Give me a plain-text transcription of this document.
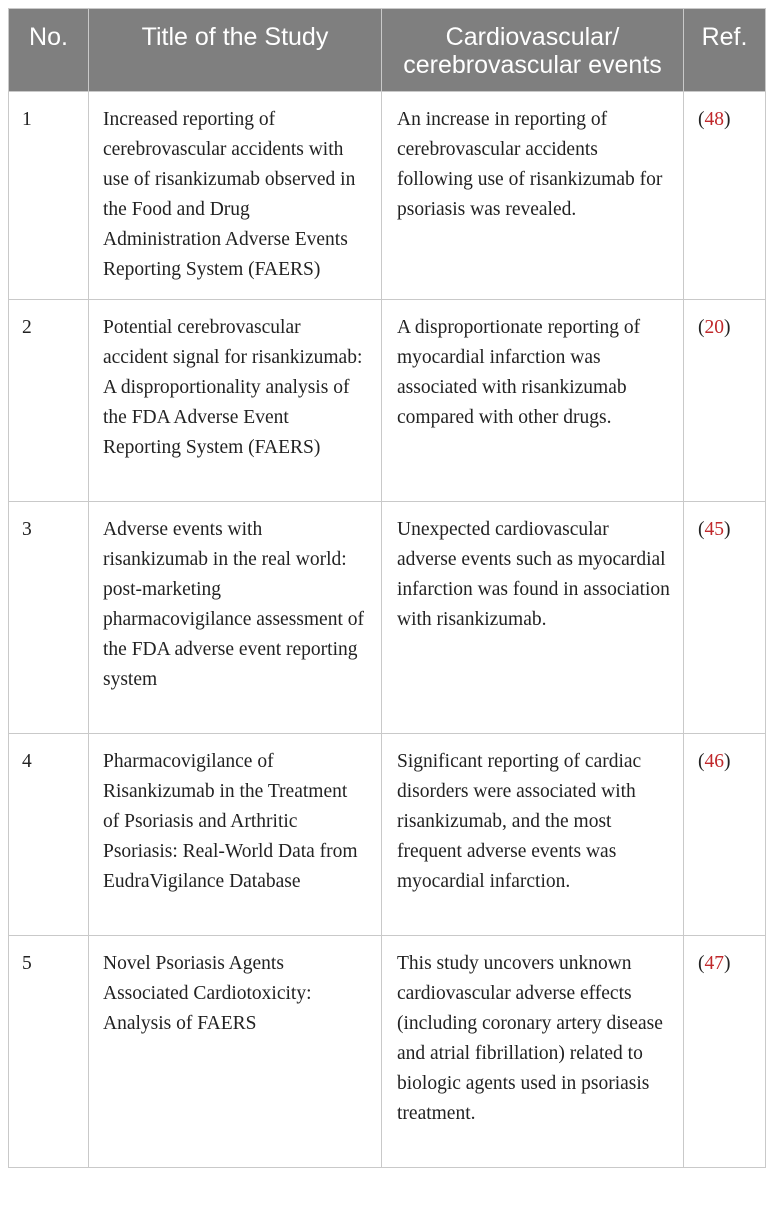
No.	Title of the Study	Cardiovascular/ cerebrovascular events	Ref.
1	Increased reporting of cerebrovascular accidents with use of risankizumab observed in the Food and Drug Administration Adverse Events Reporting System (FAERS)	An increase in reporting of cerebrovascular accidents following use of risankizumab for psoriasis was revealed.	(48)
2	Potential cerebrovascular accident signal for risankizumab: A disproportionality analysis of the FDA Adverse Event Reporting System (FAERS)	A disproportionate reporting of myocardial infarction was associated with risankizumab compared with other drugs.	(20)
3	Adverse events with risankizumab in the real world: post-marketing pharmacovigilance assessment of the FDA adverse event reporting system	Unexpected cardiovascular adverse events such as myocardial infarction was found in association with risankizumab.	(45)
4	Pharmacovigilance of Risankizumab in the Treatment of Psoriasis and Arthritic Psoriasis: Real-World Data from EudraVigilance Database	Significant reporting of cardiac disorders were associated with risankizumab, and the most frequent adverse events was myocardial infarction.	(46)
5	Novel Psoriasis Agents Associated Cardiotoxicity: Analysis of FAERS	This study uncovers unknown cardiovascular adverse effects (including coronary artery disease and atrial fibrillation) related to biologic agents used in psoriasis treatment.	(47)
